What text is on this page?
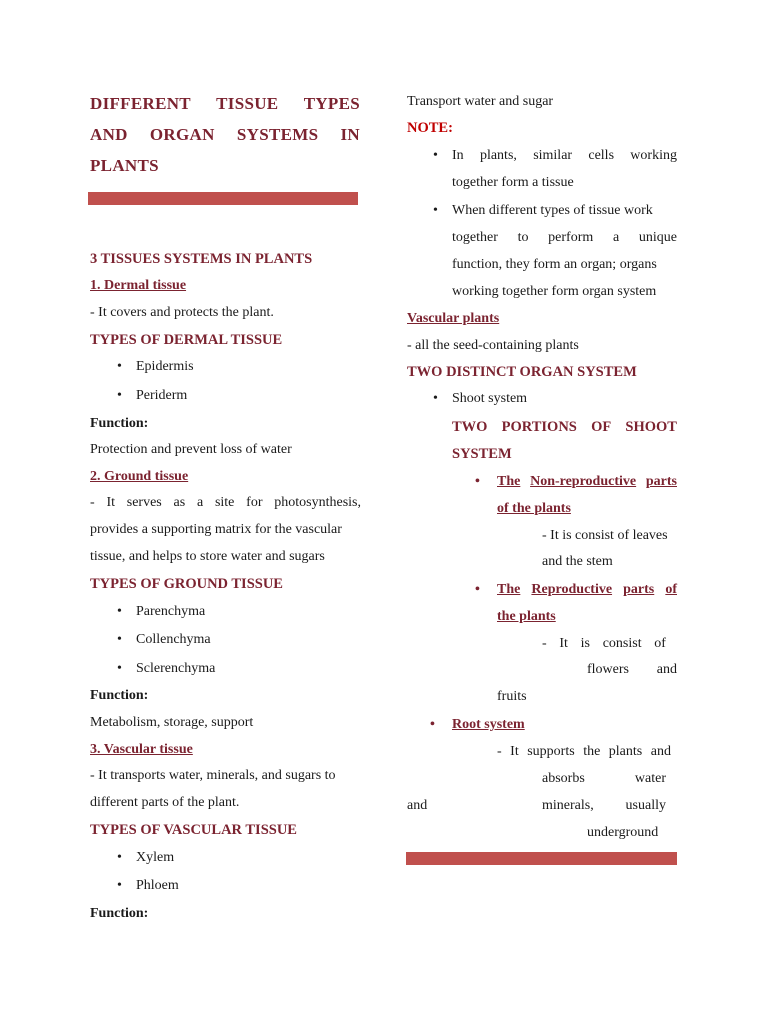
DIFFERENT TISSUE TYPES
AND ORGAN SYSTEMS IN
PLANTS
3 TISSUES SYSTEMS IN PLANTS
1. Dermal tissue
- It covers and protects the plant.
TYPES OF DERMAL TISSUE
• Epidermis
• Periderm
Function:
Protection and prevent loss of water
2. Ground tissue
- It serves as a site for photosynthesis,
provides a supporting matrix for the vascular
tissue, and helps to store water and sugars
TYPES OF GROUND TISSUE
• Parenchyma
• Collenchyma
• Sclerenchyma
Function:
Metabolism, storage, support
3. Vascular tissue
- It transports water, minerals, and sugars to
different parts of the plant.
TYPES OF VASCULAR TISSUE
• Xylem
• Phloem
Function:
Transport water and sugar
NOTE:
• In plants, similar cells working
together form a tissue
• When different types of tissue work
together to perform a unique
function, they form an organ; organs
working together form organ system
Vascular plants
- all the seed-containing plants
TWO DISTINCT ORGAN SYSTEM
• Shoot system
TWO PORTIONS OF SHOOT
SYSTEM
• The Non-reproductive parts
of the plants
- It is consist of leaves
and the stem
• The Reproductive parts of
the plants
- It is consist of
flowers and
fruits
• Root system
- It supports the plants and
absorbs	water
and	minerals, usually
underground
